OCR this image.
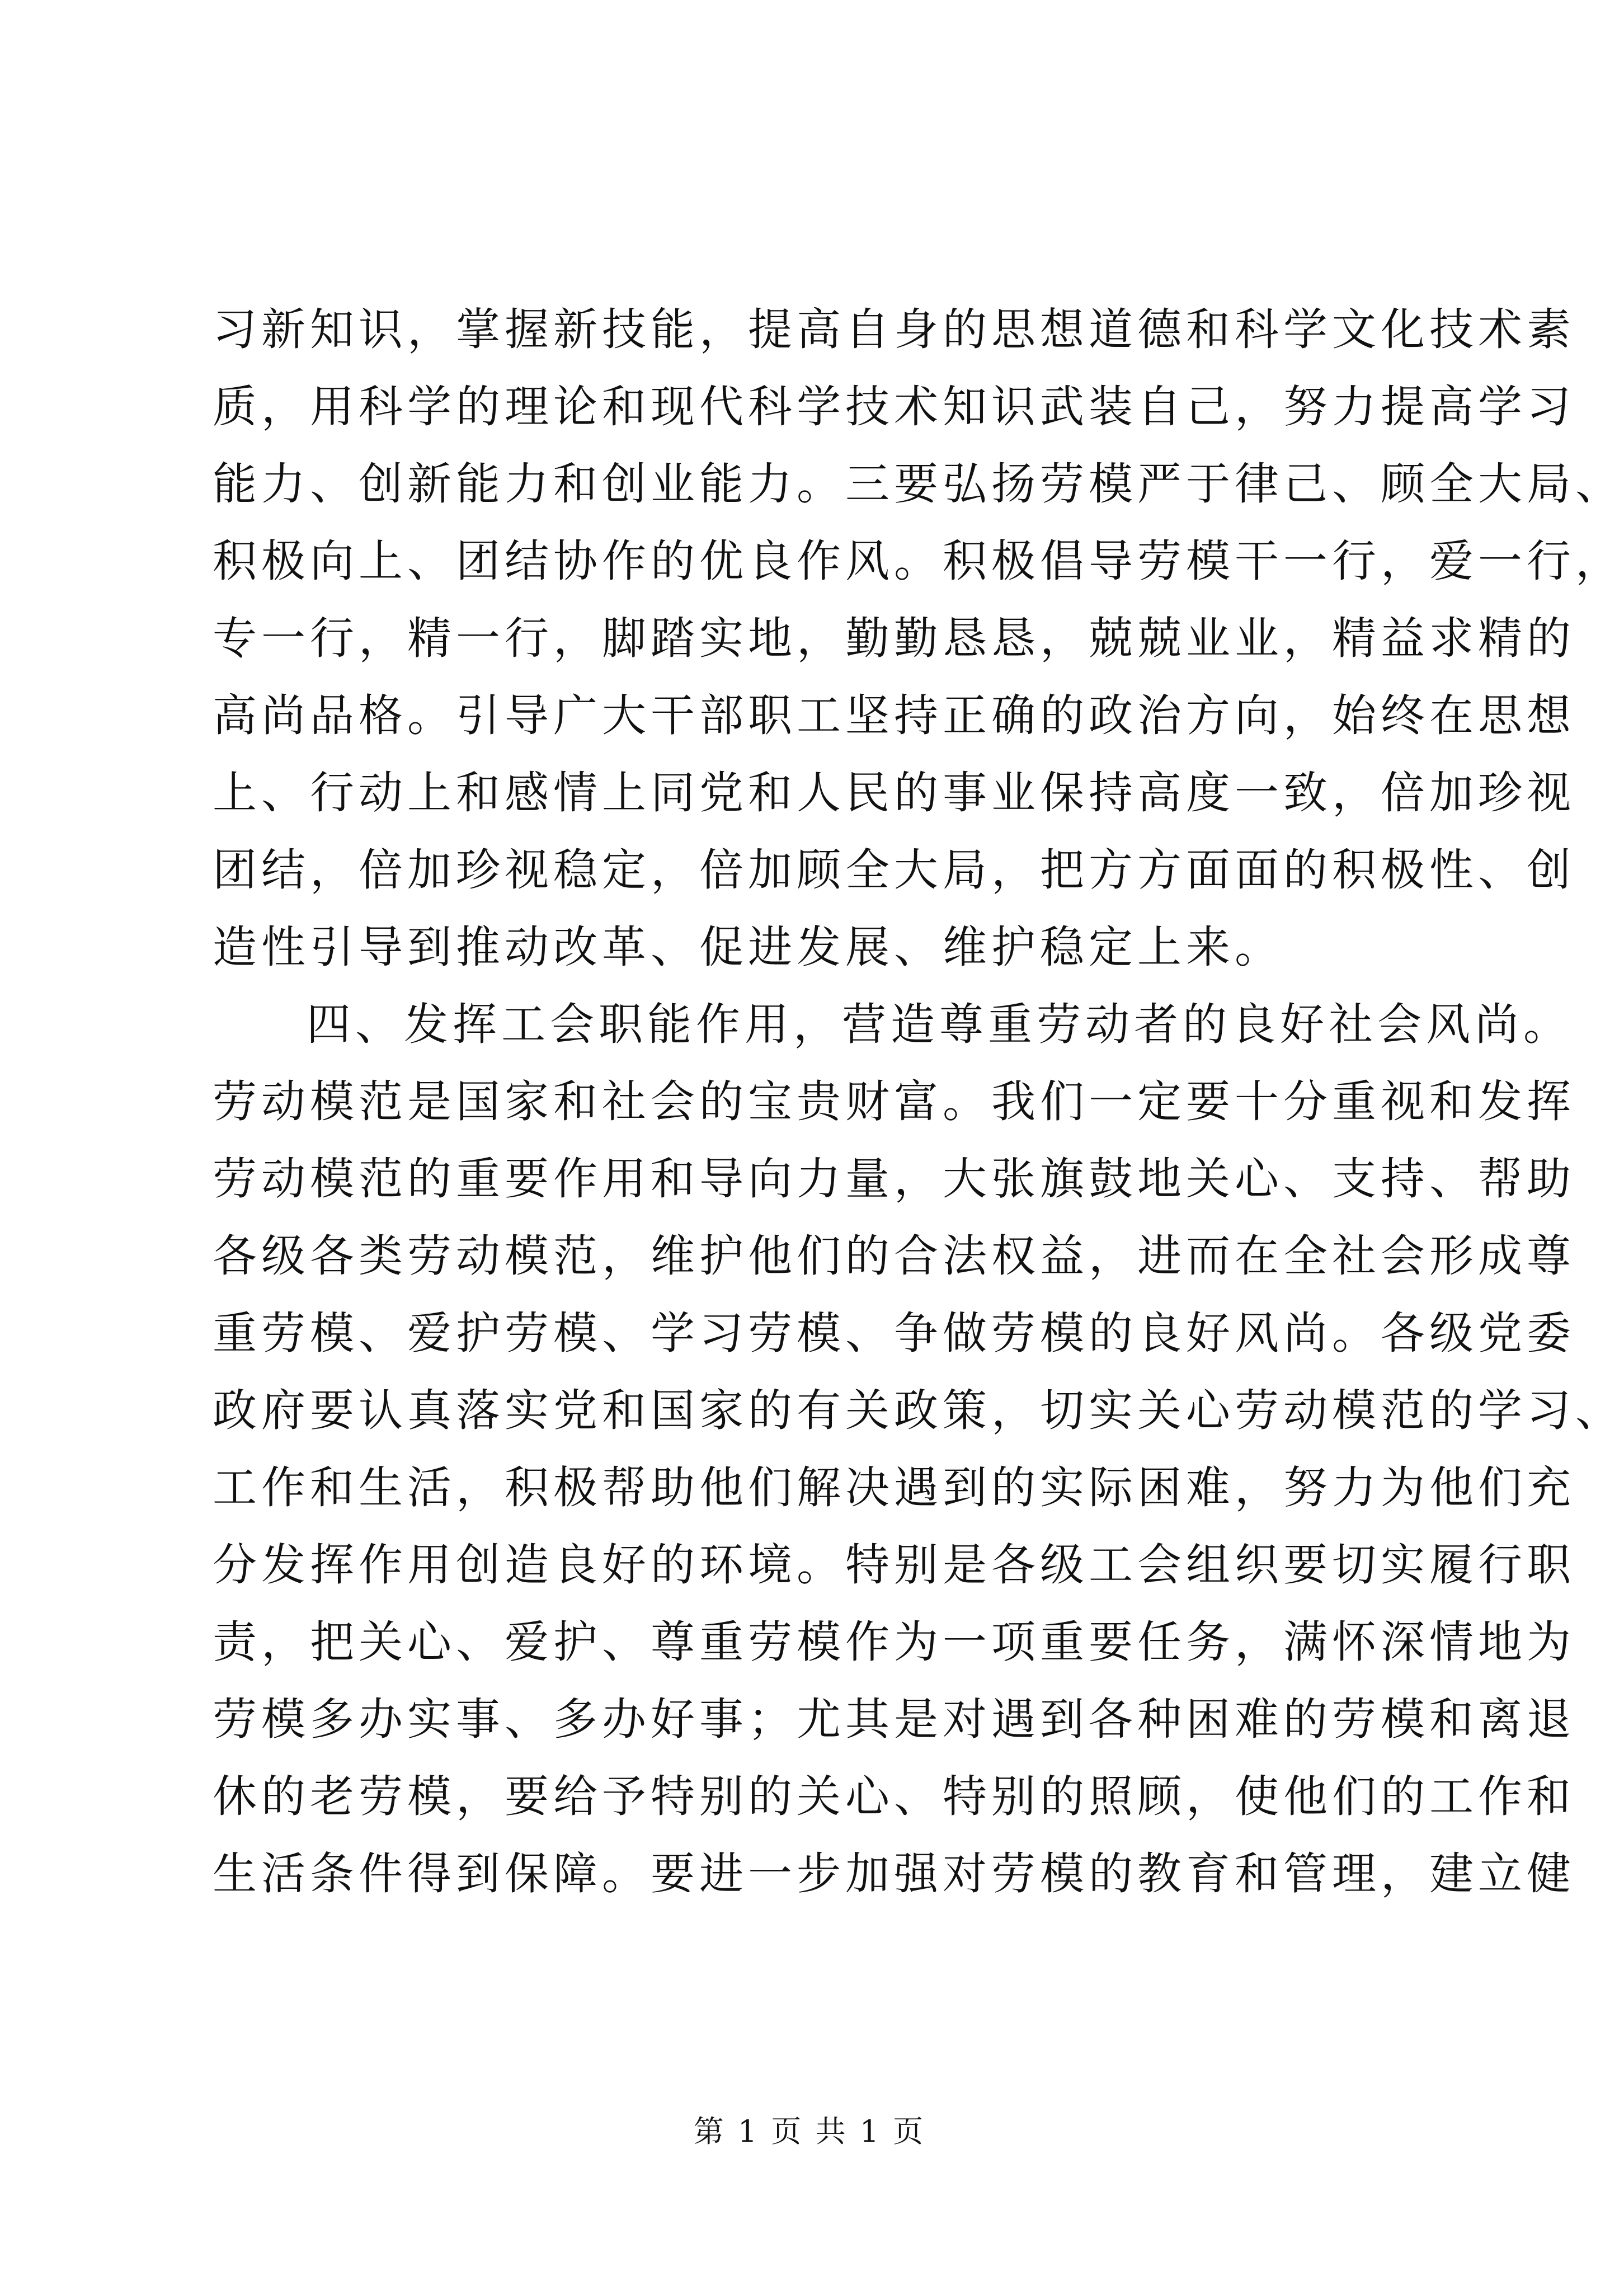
习新知识，掌握新技能，提高自身的思想道德和科学文化技术素
质，用科学的理论和现代科学技术知识武装自己，努力提高学习
能力、创新能力和创业能力。三要弘扬劳模严于律己、顾全大局、
积极向上、团结协作的优良作风。积极倡导劳模干一行，爱一行，
专一行，精一行，脚踏实地，勤勤恳恳，兢兢业业，精益求精的
高尚品格。引导广大干部职工坚持正确的政治方向，始终在思想
上、行动上和感情上同党和人民的事业保持高度一致，倍加珍视
团结，倍加珍视稳定，倍加顾全大局，把方方面面的积极性、创
造性引导到推动改革、促进发展、维护稳定上来。
四、发挥工会职能作用，营造尊重劳动者的良好社会风尚。
劳动模范是国家和社会的宝贵财富。我们一定要十分重视和发挥
劳动模范的重要作用和导向力量，大张旗鼓地关心、支持、帮助
各级各类劳动模范，维护他们的合法权益，进而在全社会形成尊
重劳模、爱护劳模、学习劳模、争做劳模的良好风尚。各级党委
政府要认真落实党和国家的有关政策，切实关心劳动模范的学习、
工作和生活，积极帮助他们解决遇到的实际困难，努力为他们充
分发挥作用创造良好的环境。特别是各级工会组织要切实履行职
责，把关心、爱护、尊重劳模作为一项重要任务，满怀深情地为
劳模多办实事、多办好事；尤其是对遇到各种困难的劳模和离退
休的老劳模，要给予特别的关心、特别的照顾，使他们的工作和
生活条件得到保障。要进一步加强对劳模的教育和管理，建立健
第 1 页 共 1 页
